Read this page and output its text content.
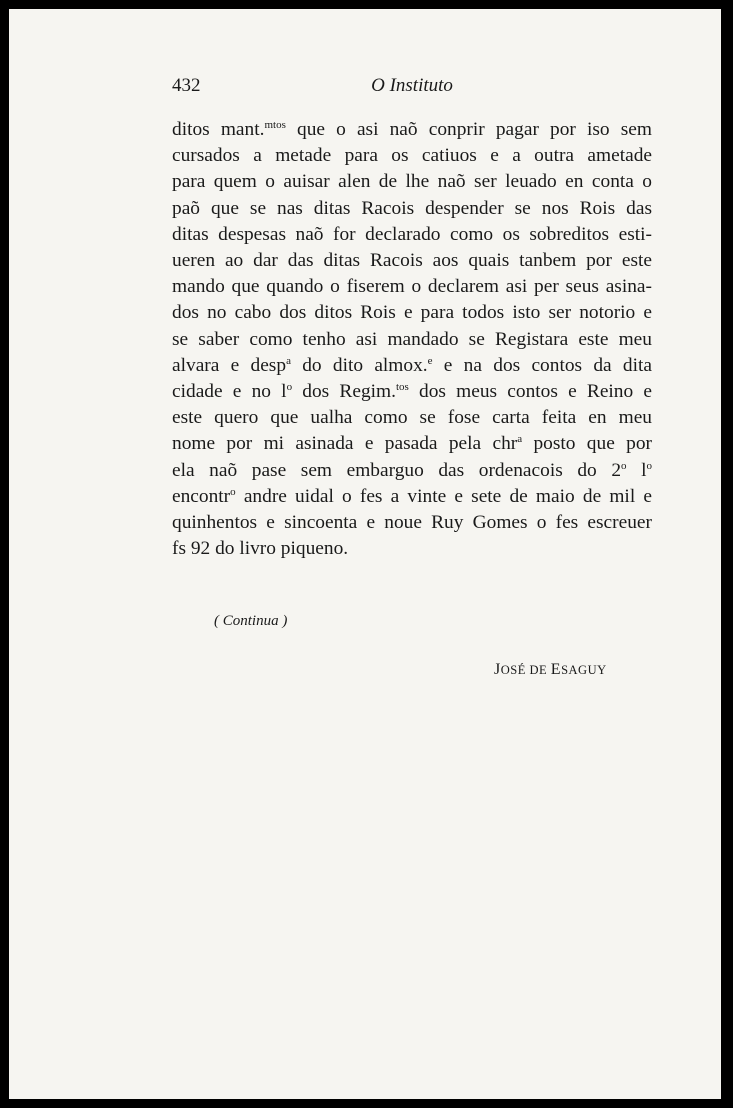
432	O Instituto
ditos mant.$^{mtos}$ que o asi naõ conprir pagar por iso sem
cursados a metade para os catiuos e a outra ametade
para quem o auisar alen de lhe naõ ser leuado en conta o
paõ que se nas ditas Racois despender se nos Rois das
ditas despesas naõ for declarado como os sobreditos esti-
ueren ao dar das ditas Racois aos quais tanbem por este
mando que quando o fiserem o declarem asi per seus asina-
dos no cabo dos ditos Rois e para todos isto ser notorio e
se saber como tenho asi mandado se Registara este meu
alvara e desp$^a$ do dito almox.$^e$ e na dos contos da dita
cidade e no $l^o$ dos Regim.$^{tos}$ dos meus contos e Reino e
este quero que ualha como se fose carta feita en meu
nome por mi asinada e pasada pela chr$^a$ posto que por
ela naõ pase sem embarguo das ordenacois do 2$^o$ $l^o$
encontr$^o$ andre uidal o fes a vinte e sete de maio de mil e
quinhentos e sincoenta e noue Ruy Gomes o fes escreuer
fs 92 do livro piqueno.
( Continua )
JOSÉ DE ESAGUY
